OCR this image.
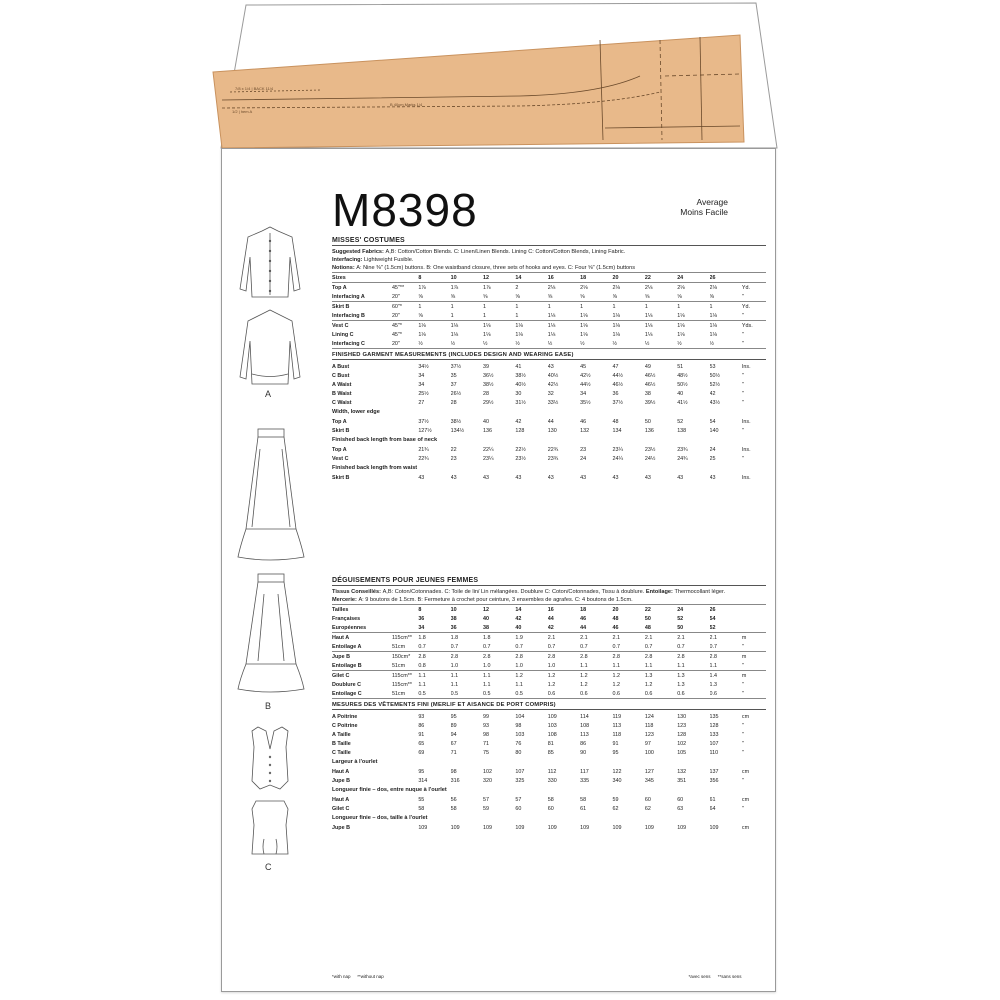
7/8 x 1/4 | BACK 11/4
1/2 | hem A
B 40cm Marks 1/4
A
B
C
M8398	Average
Moins Facile
MISSES' COSTUMES
Suggested Fabrics: A,B: Cotton/Cotton Blends. C: Linen/Linen Blends. Lining C: Cotton/Cotton Blends, Lining Fabric.
Interfacing: Lightweight Fusible.
Notions: A: Nine ⅜" (1.5cm) buttons. B: One waistband closure, three sets of hooks and eyes. C: Four ⅝" (1.5cm) buttons
Sizes		8	10	12	14	16	18	20	22	24	26	
Top A	45"**	1⅞	1⅞	1⅞	2	2⅛	2⅛	2⅛	2⅛	2⅛	2⅛	Yd.
Interfacing A	20"	⅝	⅝	⅝	⅝	⅝	⅝	⅝	⅝	⅝	⅝	"
Skirt B	60"*	1	1	1	1	1	1	1	1	1	1	Yd.
Interfacing B	20"	⅝	1	1	1	1⅛	1⅛	1⅛	1⅛	1⅛	1⅛	"
Vest C	45"*	1⅛	1⅛	1⅛	1⅛	1⅛	1⅛	1⅛	1⅛	1⅛	1⅛	Yds.
Lining C	45"*	1⅛	1⅛	1⅛	1⅛	1⅛	1⅛	1⅛	1⅛	1⅛	1⅛	"
Interfacing C	20"	½	½	½	½	½	½	½	½	½	½	"
FINISHED GARMENT MEASUREMENTS (INCLUDES DESIGN AND WEARING EASE)
A Bust		34½	37½	39	41	43	45	47	49	51	53	Ins.
C Bust		34	35	36½	38½	40½	42½	44½	46½	48½	50½	"
A Waist		34	37	38½	40½	42½	44½	46½	46½	50½	52½	"
B Waist		25½	26½	28	30	32	34	36	38	40	42	"
C Waist		27	28	29½	31½	33½	35½	37½	39½	41½	43½	"
Width, lower edge
Top A		37½	38½	40	42	44	46	48	50	52	54	Ins.
Skirt B		127½	134½	136	128	130	132	134	136	138	140	"
Finished back length from base of neck
Top A		21¾	22	22¼	22½	22¾	23	23¼	23½	23¾	24	Ins.
Vest C		22¾	23	23¼	23½	23¾	24	24¼	24½	24¾	25	"
Finished back length from waist
Skirt B		43	43	43	43	43	43	43	43	43	43	Ins.
DÉGUISEMENTS POUR JEUNES FEMMES
Tissus Conseillés: A,B: Coton/Cotonnades. C: Toile de lin/ Lin mélangées. Doublure C: Coton/Cotonnades, Tissu à doublure. Entoilage: Thermocollant léger.
Mercerie: A: 9 boutons de 1.5cm. B: Fermeture à crochet pour ceinture, 3 ensembles de agrafes. C: 4 boutons de 1.5cm.
Tailles		8	10	12	14	16	18	20	22	24	26	
Françaises		36	38	40	42	44	46	48	50	52	54	
Européennes		34	36	38	40	42	44	46	48	50	52	
Haut A	115cm**	1.8	1.8	1.8	1.9	2.1	2.1	2.1	2.1	2.1	2.1	m
Entoilage A	51cm	0.7	0.7	0.7	0.7	0.7	0.7	0.7	0.7	0.7	0.7	"
Jupe B	150cm*	2.8	2.8	2.8	2.8	2.8	2.8	2.8	2.8	2.8	2.8	m
Entoilage B	51cm	0.8	1.0	1.0	1.0	1.0	1.1	1.1	1.1	1.1	1.1	"
Gilet C	115cm**	1.1	1.1	1.1	1.2	1.2	1.2	1.2	1.3	1.3	1.4	m
Doublure C	115cm**	1.1	1.1	1.1	1.1	1.2	1.2	1.2	1.2	1.3	1.3	"
Entoilage C	51cm	0.5	0.5	0.5	0.5	0.6	0.6	0.6	0.6	0.6	0.6	"
MESURES DES VÊTEMENTS FINI (MERLIF ET AISANCE DE PORT COMPRIS)
A Poitrine		93	95	99	104	109	114	119	124	130	135	cm
C Poitrine		86	89	93	98	103	108	113	118	123	128	"
A Taille		91	94	98	103	108	113	118	123	128	133	"
B Taille		65	67	71	76	81	86	91	97	102	107	"
C Taille		69	71	75	80	85	90	95	100	105	110	"
Largeur à l'ourlet
Haut A		95	98	102	107	112	117	122	127	132	137	cm
Jupe B		314	316	320	325	330	335	340	345	351	356	"
Longueur finie – dos, entre nuque à l'ourlet
Haut A		55	56	57	57	58	58	59	60	60	61	cm
Gilet C		58	58	59	60	60	61	62	62	63	64	"
Longueur finie – dos, taille à l'ourlet
Jupe B		109	109	109	109	109	109	109	109	109	109	cm
*with nap **without nap	*avec sens **sans sens
